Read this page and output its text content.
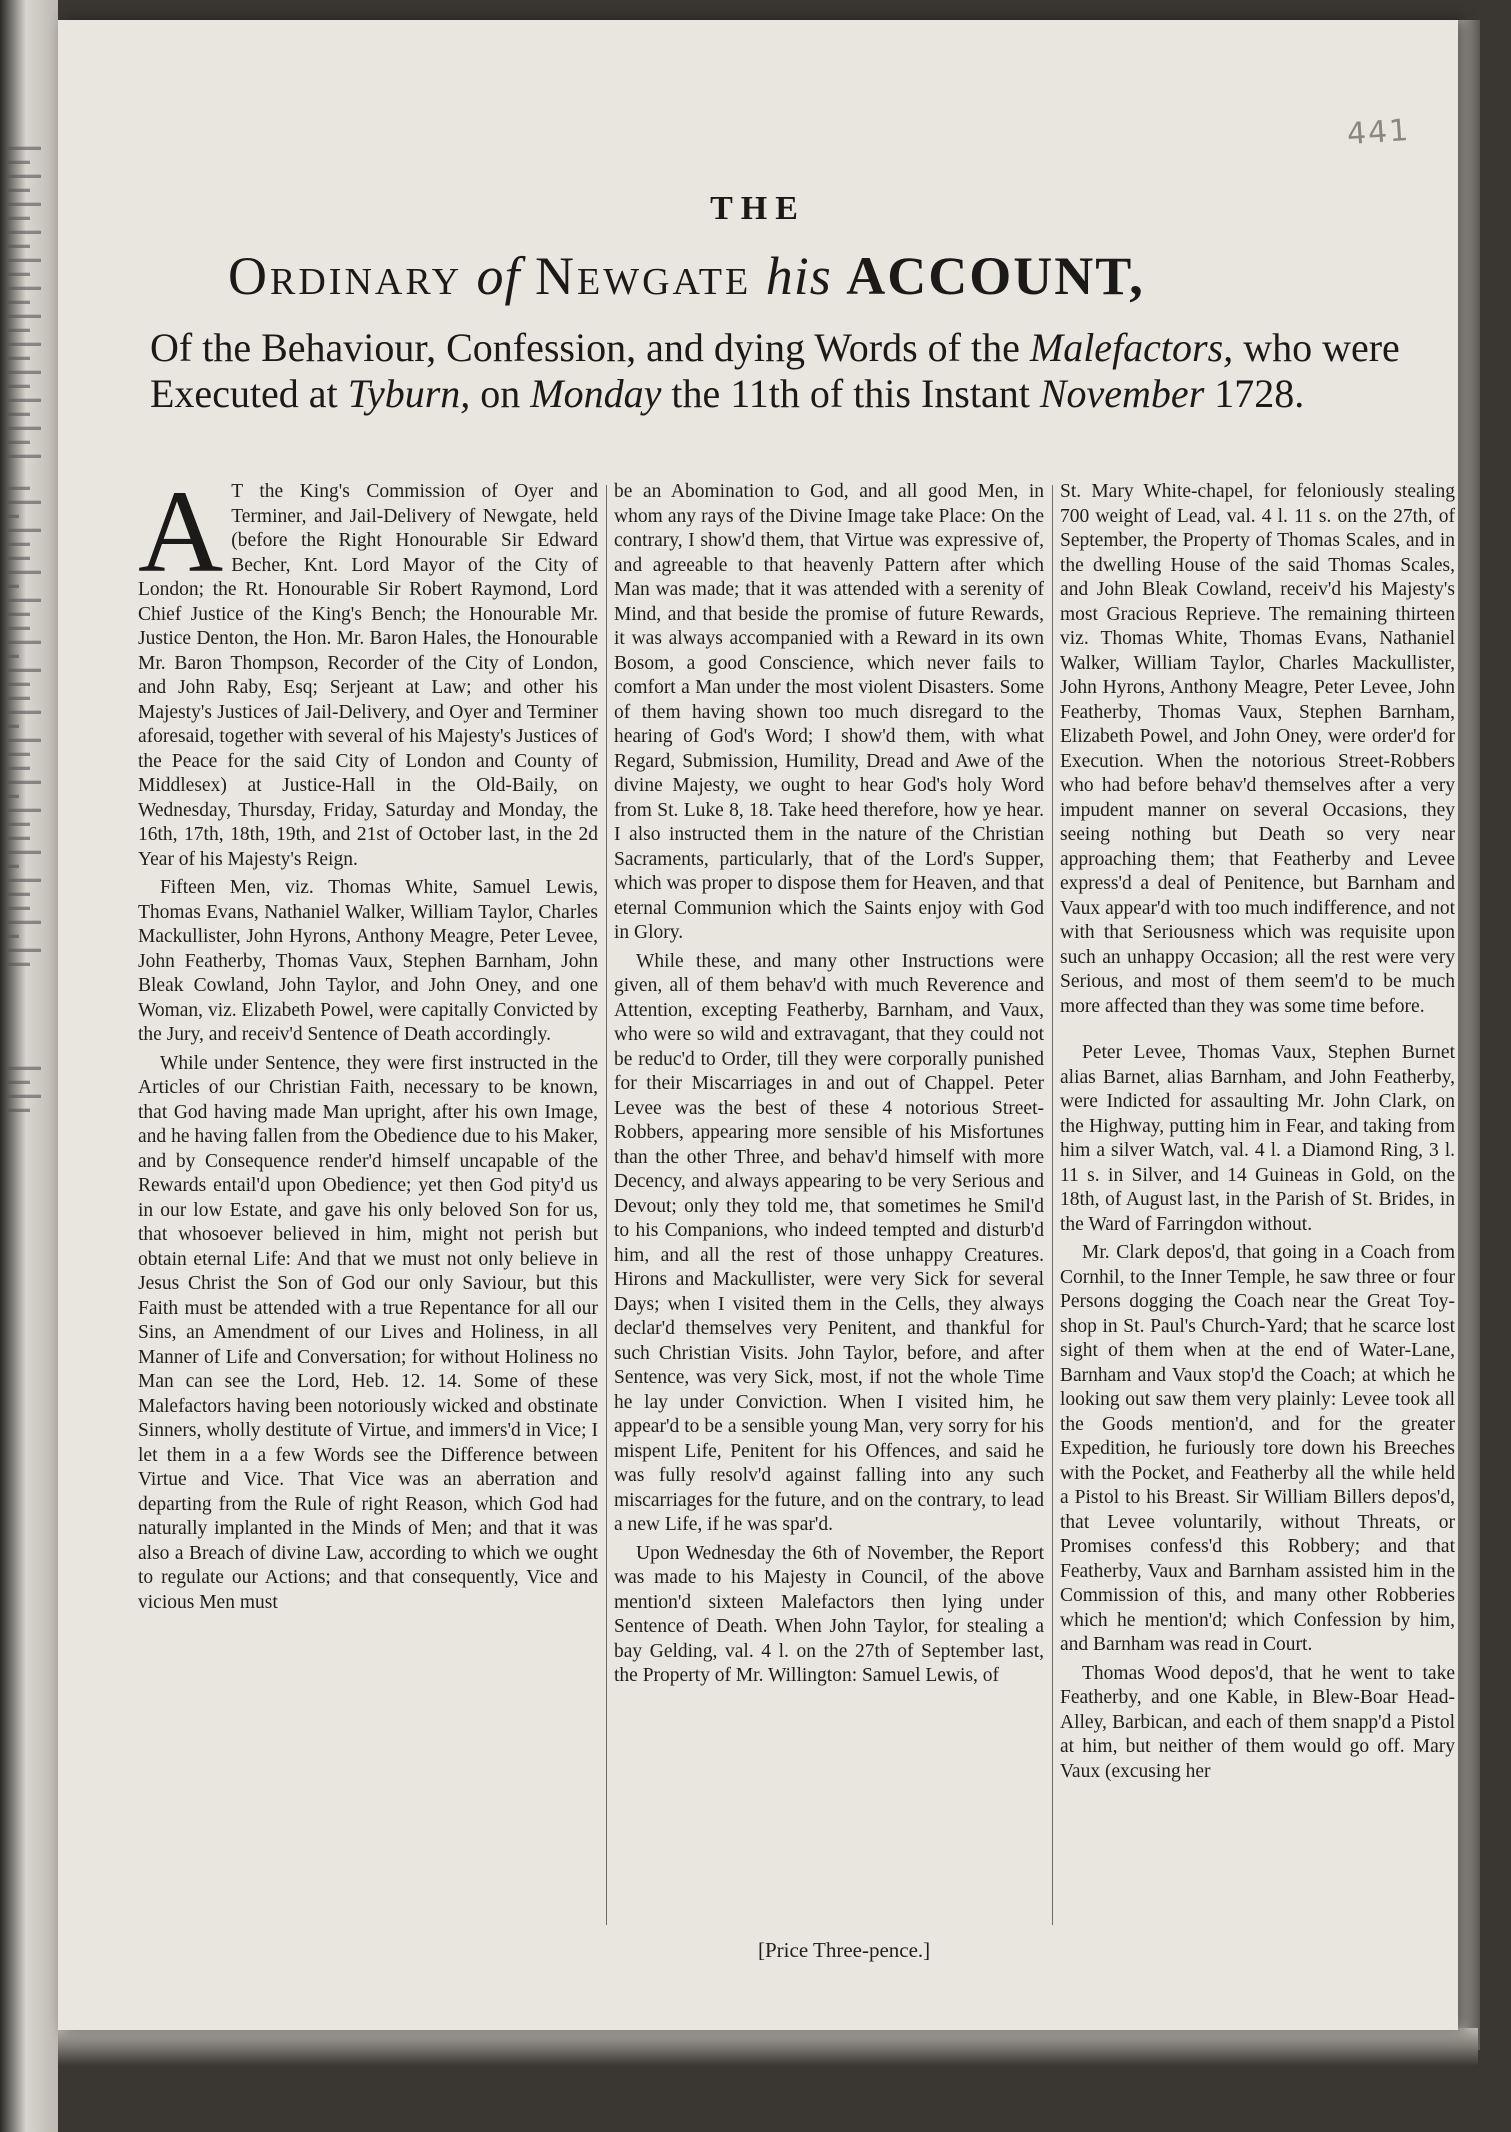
▬▬▬ ▬▬ ▬▬▬ ▬▬ ▬▬▬ ▬▬ ▬▬▬ ▬▬ ▬▬▬ ▬▬ ▬▬▬ ▬▬ ▬▬▬ ▬▬ ▬▬▬ ▬▬ ▬▬▬ ▬▬ ▬▬▬ ▬▬ ▬▬▬ ▬▬ ▬▬▬
▬▬ ▬▬▬ ▬ ▬▬▬ ▬▬ ▬▬ ▬▬▬ ▬ ▬▬▬ ▬▬ ▬▬ ▬▬▬ ▬ ▬▬▬ ▬▬ ▬▬ ▬▬▬ ▬ ▬▬▬ ▬▬ ▬▬ ▬▬▬ ▬ ▬▬▬ ▬▬ ▬▬ ▬▬▬ ▬ ▬▬▬ ▬▬ ▬▬ ▬▬▬ ▬ ▬▬▬ ▬▬
▬▬▬ ▬▬ ▬▬▬ ▬▬
441
THE
Ordinary of Newgate his ACCOUNT,
Of the Behaviour, Confession, and dying Words of the Malefactors, who were Executed at Tyburn, on Monday the 11th of this Instant November 1728.

A T the King's Commission of Oyer and Terminer, and Jail-Delivery of Newgate, held (before the Right Honourable Sir Edward Becher, Knt. Lord Mayor of the City of London; the Rt. Honourable Sir Robert Raymond, Lord Chief Justice of the King's Bench; the Honourable Mr. Justice Denton, the Hon. Mr. Baron Hales, the Honourable Mr. Baron Thompson, Recorder of the City of London, and John Raby, Esq; Serjeant at Law; and other his Majesty's Justices of Jail-Delivery, and Oyer and Terminer aforesaid, together with several of his Majesty's Justices of the Peace for the said City of London and County of Middlesex) at Justice-Hall in the Old-Baily, on Wednesday, Thursday, Friday, Saturday and Monday, the 16th, 17th, 18th, 19th, and 21st of October last, in the 2d Year of his Majesty's Reign.

Fifteen Men, viz. Thomas White, Samuel Lewis, Thomas Evans, Nathaniel Walker, William Taylor, Charles Mackullister, John Hyrons, Anthony Meagre, Peter Levee, John Featherby, Thomas Vaux, Stephen Barnham, John Bleak Cowland, John Taylor, and John Oney, and one Woman, viz. Elizabeth Powel, were capitally Convicted by the Jury, and receiv'd Sentence of Death accordingly.

While under Sentence, they were first instructed in the Articles of our Christian Faith, necessary to be known, that God having made Man upright, after his own Image, and he having fallen from the Obedience due to his Maker, and by Consequence render'd himself uncapable of the Rewards entail'd upon Obedience; yet then God pity'd us in our low Estate, and gave his only beloved Son for us, that whosoever believed in him, might not perish but obtain eternal Life: And that we must not only believe in Jesus Christ the Son of God our only Saviour, but this Faith must be attended with a true Repentance for all our Sins, an Amendment of our Lives and Holiness, in all Manner of Life and Conversation; for without Holiness no Man can see the Lord, Heb. 12. 14. Some of these Malefactors having been notoriously wicked and obstinate Sinners, wholly destitute of Virtue, and immers'd in Vice; I let them in a a few Words see the Difference between Virtue and Vice. That Vice was an aberration and departing from the Rule of right Reason, which God had naturally implanted in the Minds of Men; and that it was also a Breach of divine Law, according to which we ought to regulate our Actions; and that consequently, Vice and vicious Men must

be an Abomination to God, and all good Men, in whom any rays of the Divine Image take Place: On the contrary, I show'd them, that Virtue was expressive of, and agreeable to that heavenly Pattern after which Man was made; that it was attended with a serenity of Mind, and that beside the promise of future Rewards, it was always accompanied with a Reward in its own Bosom, a good Conscience, which never fails to comfort a Man under the most violent Disasters. Some of them having shown too much disregard to the hearing of God's Word; I show'd them, with what Regard, Submission, Humility, Dread and Awe of the divine Majesty, we ought to hear God's holy Word from St. Luke 8, 18. Take heed therefore, how ye hear. I also instructed them in the nature of the Christian Sacraments, particularly, that of the Lord's Supper, which was proper to dispose them for Heaven, and that eternal Communion which the Saints enjoy with God in Glory.

While these, and many other Instructions were given, all of them behav'd with much Reverence and Attention, excepting Featherby, Barnham, and Vaux, who were so wild and extravagant, that they could not be reduc'd to Order, till they were corporally punished for their Miscarriages in and out of Chappel. Peter Levee was the best of these 4 notorious Street-Robbers, appearing more sensible of his Misfortunes than the other Three, and behav'd himself with more Decency, and always appearing to be very Serious and Devout; only they told me, that sometimes he Smil'd to his Companions, who indeed tempted and disturb'd him, and all the rest of those unhappy Creatures. Hirons and Mackullister, were very Sick for several Days; when I visited them in the Cells, they always declar'd themselves very Penitent, and thankful for such Christian Visits. John Taylor, before, and after Sentence, was very Sick, most, if not the whole Time he lay under Conviction. When I visited him, he appear'd to be a sensible young Man, very sorry for his mispent Life, Penitent for his Offences, and said he was fully resolv'd against falling into any such miscarriages for the future, and on the contrary, to lead a new Life, if he was spar'd.

Upon Wednesday the 6th of November, the Report was made to his Majesty in Council, of the above mention'd sixteen Malefactors then lying under Sentence of Death. When John Taylor, for stealing a bay Gelding, val. 4 l. on the 27th of September last, the Property of Mr. Willington: Samuel Lewis, of

St. Mary White-chapel, for feloniously stealing 700 weight of Lead, val. 4 l. 11 s. on the 27th, of September, the Property of Thomas Scales, and in the dwelling House of the said Thomas Scales, and John Bleak Cowland, receiv'd his Majesty's most Gracious Reprieve. The remaining thirteen viz. Thomas White, Thomas Evans, Nathaniel Walker, William Taylor, Charles Mackullister, John Hyrons, Anthony Meagre, Peter Levee, John Featherby, Thomas Vaux, Stephen Barnham, Elizabeth Powel, and John Oney, were order'd for Execution. When the notorious Street-Robbers who had before behav'd themselves after a very impudent manner on several Occasions, they seeing nothing but Death so very near approaching them; that Featherby and Levee express'd a deal of Penitence, but Barnham and Vaux appear'd with too much indifference, and not with that Seriousness which was requisite upon such an unhappy Occasion; all the rest were very Serious, and most of them seem'd to be much more affected than they was some time before.

Peter Levee, Thomas Vaux, Stephen Burnet alias Barnet, alias Barnham, and John Featherby, were Indicted for assaulting Mr. John Clark, on the Highway, putting him in Fear, and taking from him a silver Watch, val. 4 l. a Diamond Ring, 3 l. 11 s. in Silver, and 14 Guineas in Gold, on the 18th, of August last, in the Parish of St. Brides, in the Ward of Farringdon without.

Mr. Clark depos'd, that going in a Coach from Cornhil, to the Inner Temple, he saw three or four Persons dogging the Coach near the Great Toy-shop in St. Paul's Church-Yard; that he scarce lost sight of them when at the end of Water-Lane, Barnham and Vaux stop'd the Coach; at which he looking out saw them very plainly: Levee took all the Goods mention'd, and for the greater Expedition, he furiously tore down his Breeches with the Pocket, and Featherby all the while held a Pistol to his Breast. Sir William Billers depos'd, that Levee voluntarily, without Threats, or Promises confess'd this Robbery; and that Featherby, Vaux and Barnham assisted him in the Commission of this, and many other Robberies which he mention'd; which Confession by him, and Barnham was read in Court.

Thomas Wood depos'd, that he went to take Featherby, and one Kable, in Blew-Boar Head-Alley, Barbican, and each of them snapp'd a Pistol at him, but neither of them would go off. Mary Vaux (excusing her

[Price Three-pence.]
